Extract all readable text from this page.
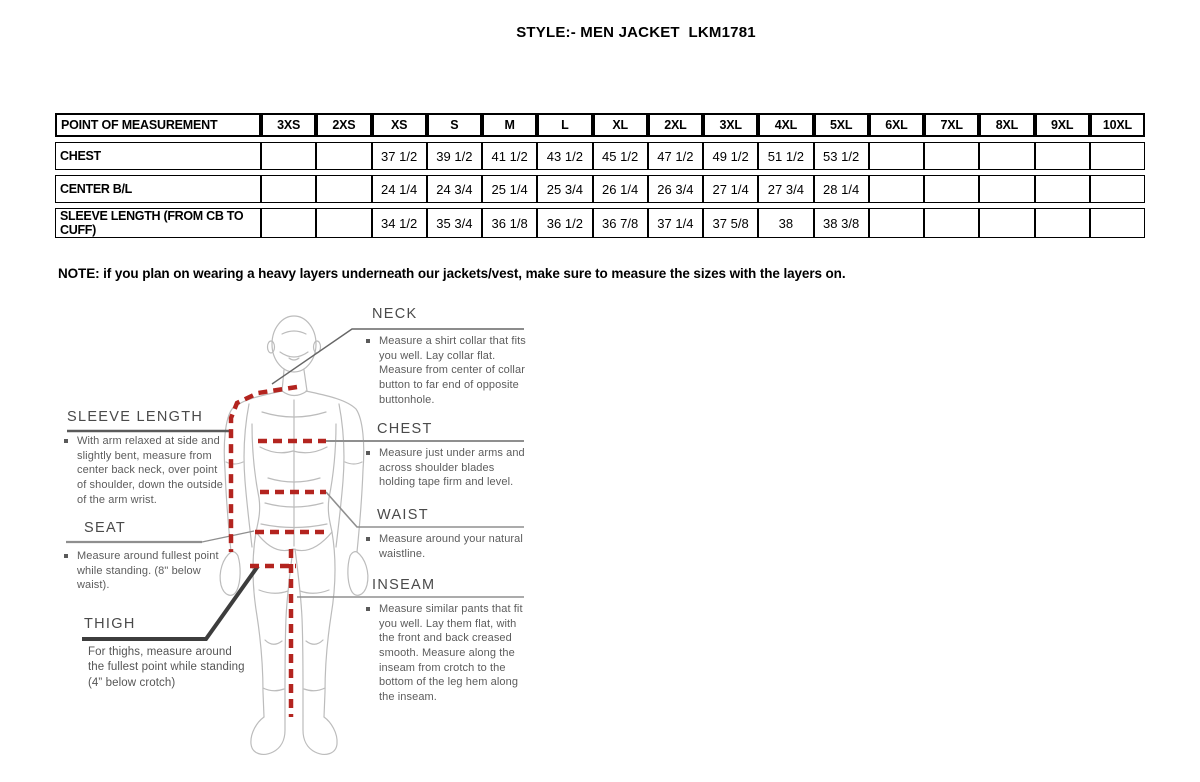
STYLE:- MEN JACKET  LKM1781
POINT OF MEASUREMENT	3XS	2XS	XS	S	M	L	XL	2XL	3XL	4XL	5XL	6XL	7XL	8XL	9XL	10XL
CHEST			37 1/2	39 1/2	41 1/2	43 1/2	45 1/2	47 1/2	49 1/2	51 1/2	53 1/2					
CENTER B/L			24 1/4	24 3/4	25 1/4	25 3/4	26 1/4	26 3/4	27 1/4	27 3/4	28 1/4					
SLEEVE LENGTH (FROM CB TO CUFF)			34 1/2	35 3/4	36 1/8	36 1/2	36 7/8	37 1/4	37 5/8	38	38 3/8					
NOTE: if you plan on wearing a heavy layers underneath our jackets/vest, make sure to measure the sizes with the layers on.
NECK
Measure a shirt collar that fits you well. Lay collar flat. Measure from center of collar button to far end of opposite buttonhole.
CHEST
Measure just under arms and across shoulder blades holding tape firm and level.
WAIST
Measure around your natural waistline.
INSEAM
Measure similar pants that fit you well. Lay them flat, with the front and back creased smooth. Measure along the inseam from crotch to the bottom of the leg hem along the inseam.
SLEEVE LENGTH
With arm relaxed at side and slightly bent, measure from center back neck, over point of shoulder, down the outside of the arm wrist.
SEAT
Measure around fullest point while standing. (8" below waist).
THIGH
For thighs, measure around the fullest point while standing (4” below crotch)
